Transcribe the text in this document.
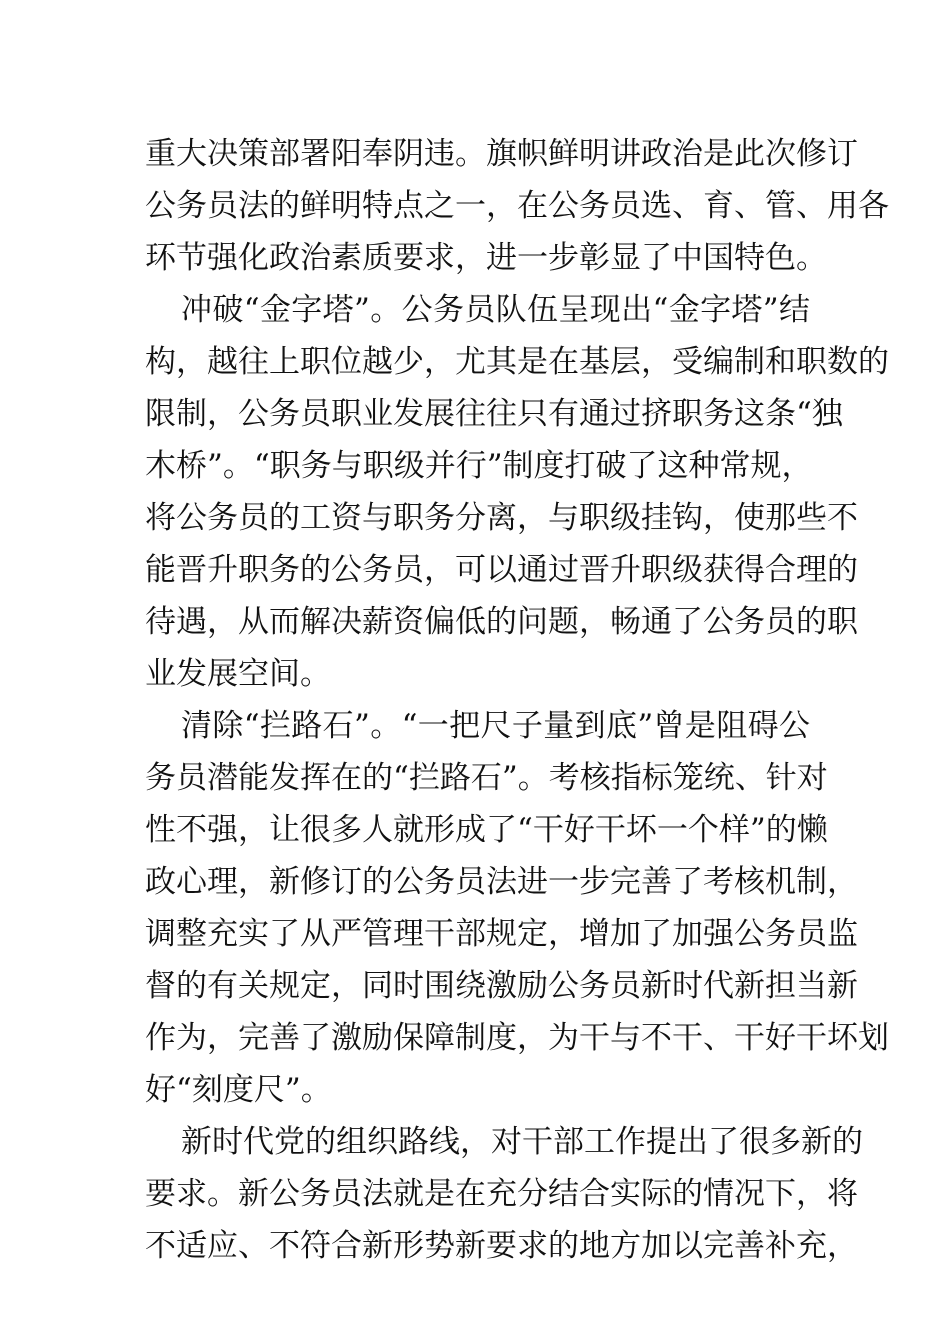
重大决策部署阳奉阴违。旗帜鲜明讲政治是此次修订
公务员法的鲜明特点之一，在公务员选、育、管、用各
环节强化政治素质要求，进一步彰显了中国特色。
冲破“金字塔”。公务员队伍呈现出“金字塔”结
构，越往上职位越少，尤其是在基层，受编制和职数的
限制，公务员职业发展往往只有通过挤职务这条“独
木桥”。“职务与职级并行”制度打破了这种常规，
将公务员的工资与职务分离，与职级挂钩，使那些不
能晋升职务的公务员，可以通过晋升职级获得合理的
待遇，从而解决薪资偏低的问题，畅通了公务员的职
业发展空间。
清除“拦路石”。“一把尺子量到底”曾是阻碍公
务员潜能发挥在的“拦路石”。考核指标笼统、针对
性不强，让很多人就形成了“干好干坏一个样”的懒
政心理，新修订的公务员法进一步完善了考核机制，
调整充实了从严管理干部规定，增加了加强公务员监
督的有关规定，同时围绕激励公务员新时代新担当新
作为，完善了激励保障制度，为干与不干、干好干坏划
好“刻度尺”。
新时代党的组织路线，对干部工作提出了很多新的
要求。新公务员法就是在充分结合实际的情况下，将
不适应、不符合新形势新要求的地方加以完善补充，
